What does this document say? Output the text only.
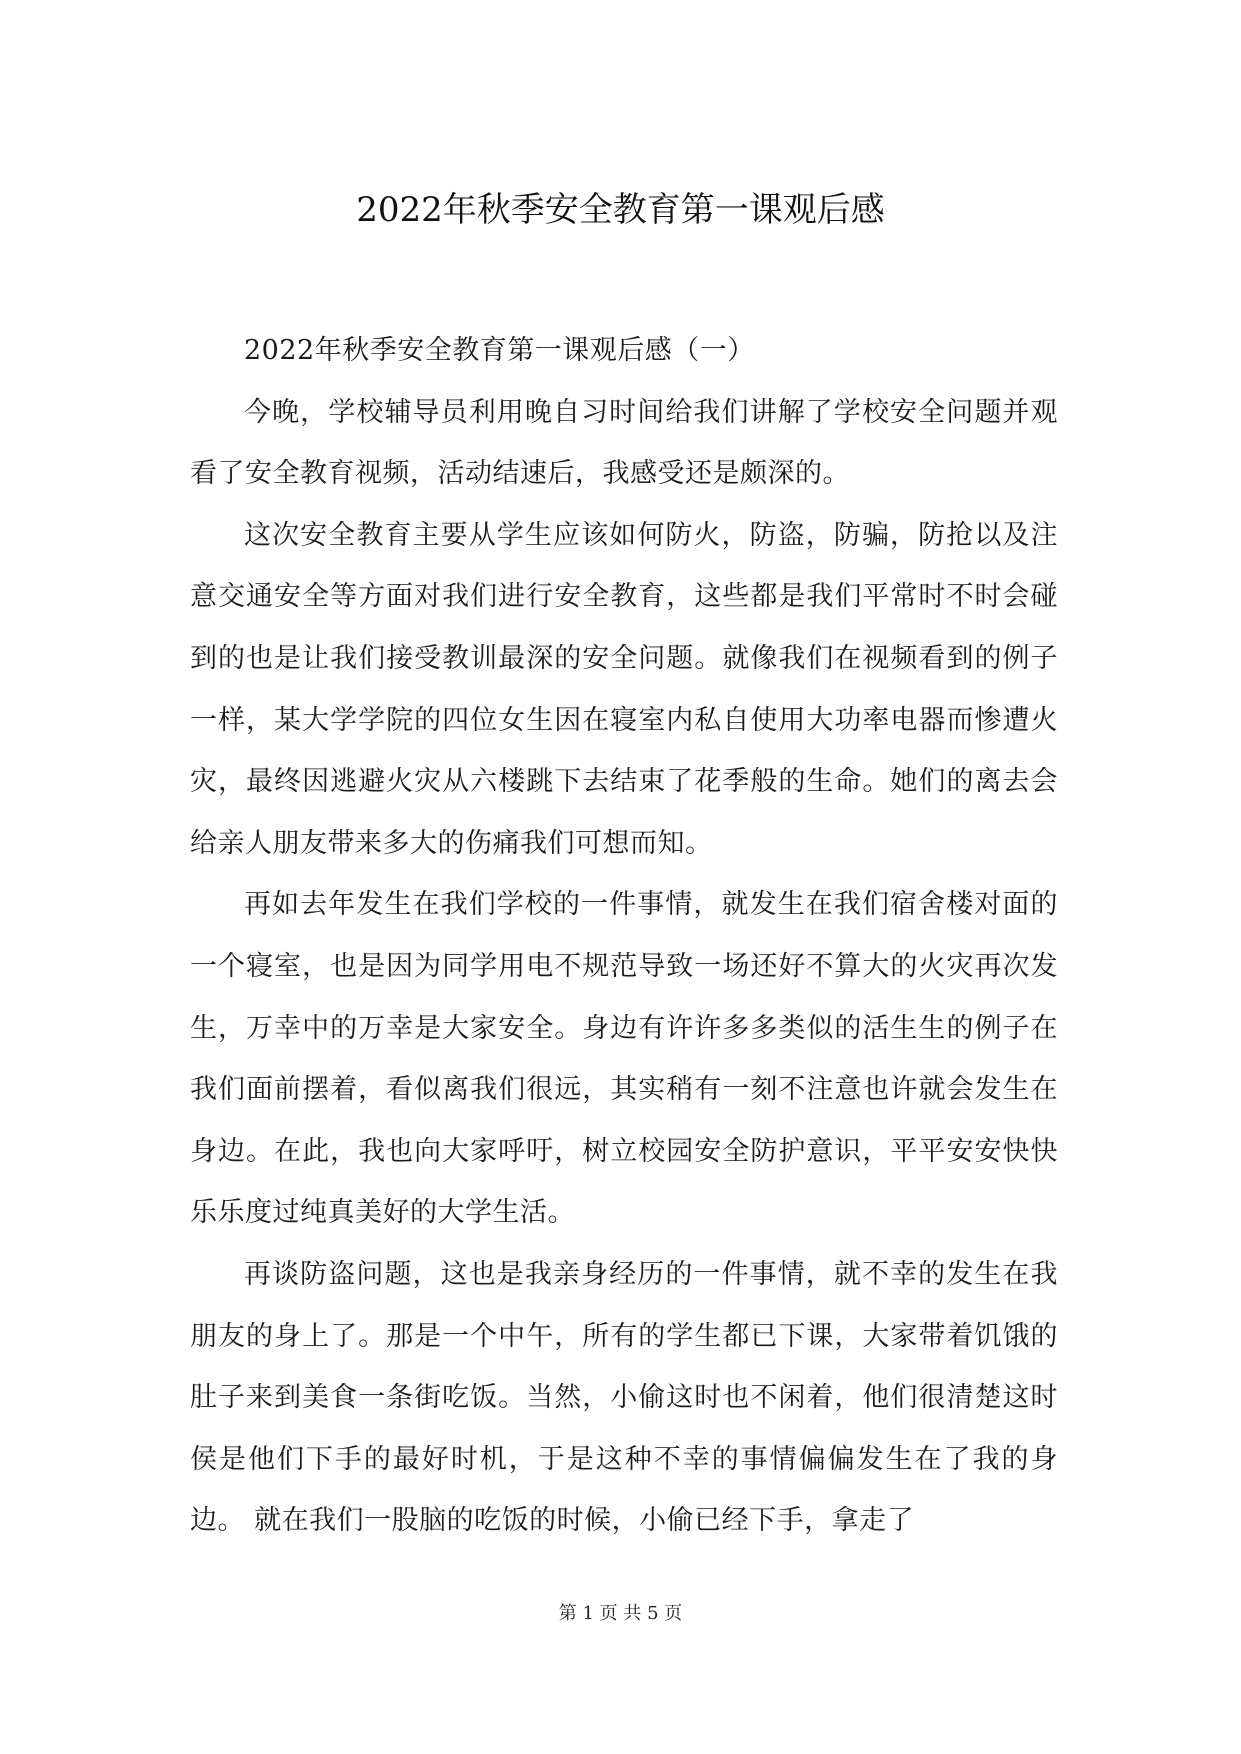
2022年秋季安全教育第一课观后感

2022年秋季安全教育第一课观后感（一）

今晚，学校辅导员利用晚自习时间给我们讲解了学校安全问题并观看了安全教育视频，活动结速后，我感受还是颇深的。

这次安全教育主要从学生应该如何防火，防盗，防骗，防抢以及注意交通安全等方面对我们进行安全教育，这些都是我们平常时不时会碰到的也是让我们接受教训最深的安全问题。就像我们在视频看到的例子一样，某大学学院的四位女生因在寝室内私自使用大功率电器而惨遭火灾，最终因逃避火灾从六楼跳下去结束了花季般的生命。她们的离去会给亲人朋友带来多大的伤痛我们可想而知。

再如去年发生在我们学校的一件事情，就发生在我们宿舍楼对面的一个寝室，也是因为同学用电不规范导致一场还好不算大的火灾再次发生，万幸中的万幸是大家安全。身边有许许多多类似的活生生的例子在我们面前摆着，看似离我们很远，其实稍有一刻不注意也许就会发生在身边。在此，我也向大家呼吁，树立校园安全防护意识，平平安安快快乐乐度过纯真美好的大学生活。

再谈防盗问题，这也是我亲身经历的一件事情，就不幸的发生在我朋友的身上了。那是一个中午，所有的学生都已下课，大家带着饥饿的肚子来到美食一条街吃饭。当然，小偷这时也不闲着，他们很清楚这时侯是他们下手的最好时机，于是这种不幸的事情偏偏发生在了我的身边。 就在我们一股脑的吃饭的时候，小偷已经下手，拿走了

第 1 页 共 5 页
